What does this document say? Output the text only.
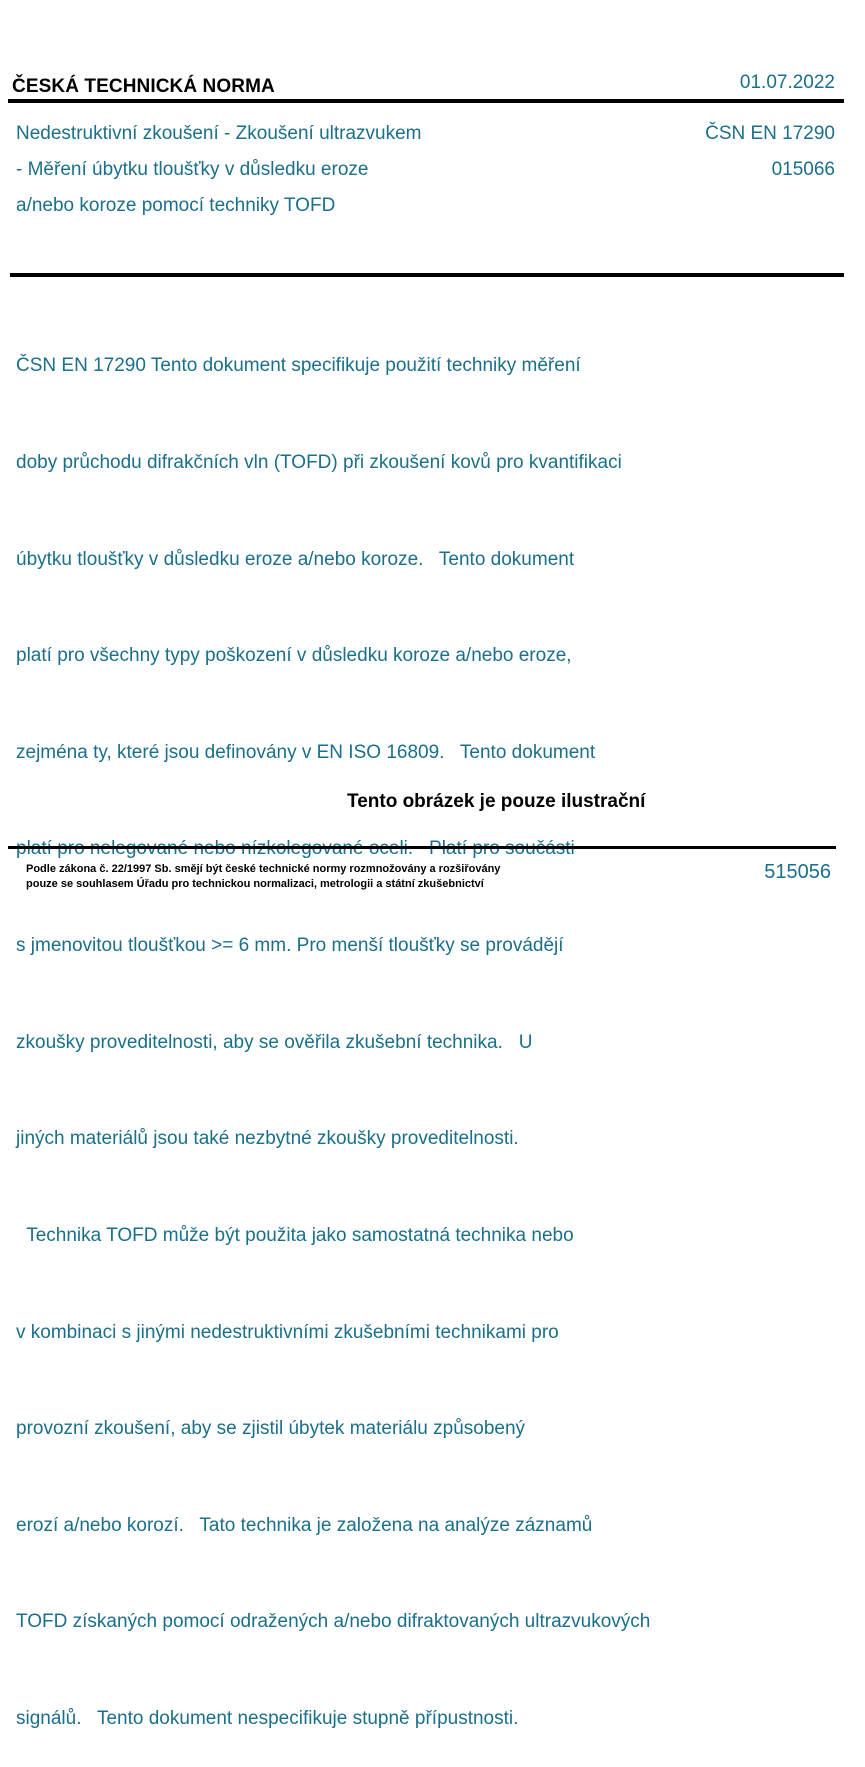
ČESKÁ TECHNICKÁ NORMA	01.07.2022
Nedestruktivní zkoušení - Zkoušení ultrazvukem
- Měření úbytku tloušťky v důsledku eroze
a/nebo koroze pomocí techniky TOFD
ČSN EN 17290
015066

ČSN EN 17290 Tento dokument specifikuje použití techniky měření

doby průchodu difrakčních vln (TOFD) při zkoušení kovů pro kvantifikaci

úbytku tloušťky v důsledku eroze a/nebo koroze.   Tento dokument

platí pro všechny typy poškození v důsledku koroze a/nebo eroze,

zejména ty, které jsou definovány v EN ISO 16809.   Tento dokument

s jmenovitou tloušťkou >= 6 mm. Pro menší tloušťky se provádějí

zkoušky proveditelnosti, aby se ověřila zkušební technika.   U

jiných materiálů jsou také nezbytné zkoušky proveditelnosti.

Technika TOFD může být použita jako samostatná technika nebo

v kombinaci s jinými nedestruktivními zkušebními technikami pro

provozní zkoušení, aby se zjistil úbytek materiálu způsobený

erozí a/nebo korozí.   Tato technika je založena na analýze záznamů

TOFD získaných pomocí odražených a/nebo difraktovaných ultrazvukových

signálů.   Tento dokument nespecifikuje stupně přípustnosti.

Tento obrázek je pouze ilustrační
Podle zákona č. 22/1997 Sb. smějí být české technické normy rozmnožovány a rozšiřovány
pouze se souhlasem Úřadu pro technickou normalizaci, metrologii a státní zkušebnictví
515056
